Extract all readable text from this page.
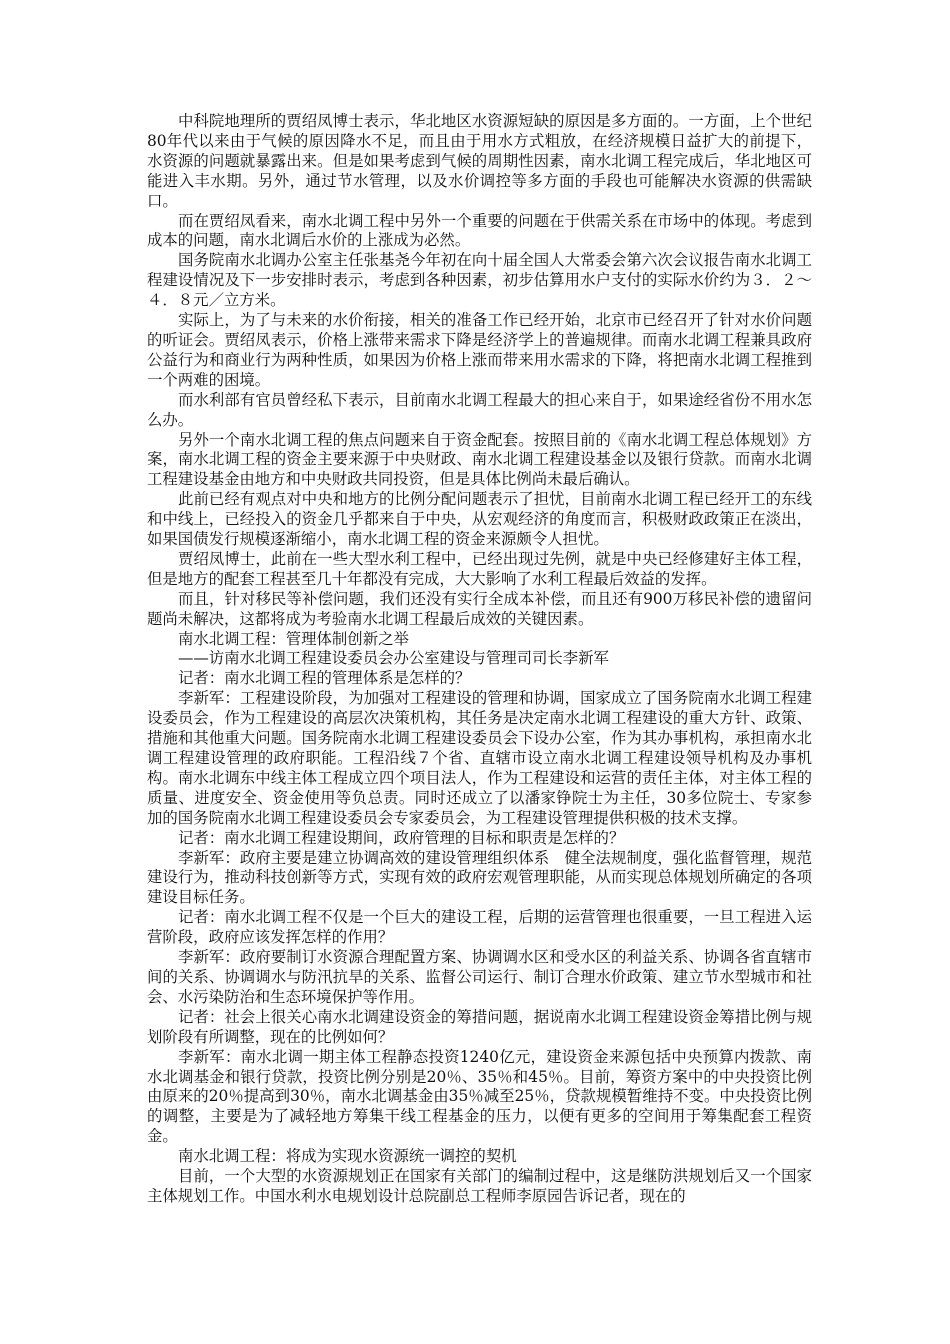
中科院地理所的贾绍凤博士表示，华北地区水资源短缺的原因是多方面的。一方面，上个世纪80年代以来由于气候的原因降水不足，而且由于用水方式粗放，在经济规模日益扩大的前提下，水资源的问题就暴露出来。但是如果考虑到气候的周期性因素，南水北调工程完成后，华北地区可能进入丰水期。另外，通过节水管理，以及水价调控等多方面的手段也可能解决水资源的供需缺口。

而在贾绍凤看来，南水北调工程中另外一个重要的问题在于供需关系在市场中的体现。考虑到成本的问题，南水北调后水价的上涨成为必然。

国务院南水北调办公室主任张基尧今年初在向十届全国人大常委会第六次会议报告南水北调工程建设情况及下一步安排时表示，考虑到各种因素，初步估算用水户支付的实际水价约为３．２～４．８元／立方米。

实际上，为了与未来的水价衔接，相关的准备工作已经开始，北京市已经召开了针对水价问题的听证会。贾绍凤表示，价格上涨带来需求下降是经济学上的普遍规律。而南水北调工程兼具政府公益行为和商业行为两种性质，如果因为价格上涨而带来用水需求的下降，将把南水北调工程推到一个两难的困境。

而水利部有官员曾经私下表示，目前南水北调工程最大的担心来自于，如果途经省份不用水怎么办。

另外一个南水北调工程的焦点问题来自于资金配套。按照目前的《南水北调工程总体规划》方案，南水北调工程的资金主要来源于中央财政、南水北调工程建设基金以及银行贷款。而南水北调工程建设基金由地方和中央财政共同投资，但是具体比例尚未最后确认。

此前已经有观点对中央和地方的比例分配问题表示了担忧，目前南水北调工程已经开工的东线和中线上，已经投入的资金几乎都来自于中央，从宏观经济的角度而言，积极财政政策正在淡出，如果国债发行规模逐渐缩小，南水北调工程的资金来源颇令人担忧。

贾绍凤博士，此前在一些大型水利工程中，已经出现过先例，就是中央已经修建好主体工程，但是地方的配套工程甚至几十年都没有完成，大大影响了水利工程最后效益的发挥。

而且，针对移民等补偿问题，我们还没有实行全成本补偿，而且还有900万移民补偿的遗留问题尚未解决，这都将成为考验南水北调工程最后成效的关键因素。

南水北调工程：管理体制创新之举

——访南水北调工程建设委员会办公室建设与管理司司长李新军

记者：南水北调工程的管理体系是怎样的？

李新军：工程建设阶段，为加强对工程建设的管理和协调，国家成立了国务院南水北调工程建设委员会，作为工程建设的高层次决策机构，其任务是决定南水北调工程建设的重大方针、政策、措施和其他重大问题。国务院南水北调工程建设委员会下设办公室，作为其办事机构，承担南水北调工程建设管理的政府职能。工程沿线７个省、直辖市设立南水北调工程建设领导机构及办事机构。南水北调东中线主体工程成立四个项目法人，作为工程建设和运营的责任主体，对主体工程的质量、进度安全、资金使用等负总责。同时还成立了以潘家铮院士为主任，30多位院士、专家参加的国务院南水北调工程建设委员会专家委员会，为工程建设管理提供积极的技术支撑。

记者：南水北调工程建设期间，政府管理的目标和职责是怎样的？

李新军：政府主要是建立协调高效的建设管理组织体系　健全法规制度，强化监督管理，规范建设行为，推动科技创新等方式，实现有效的政府宏观管理职能，从而实现总体规划所确定的各项建设目标任务。

记者：南水北调工程不仅是一个巨大的建设工程，后期的运营管理也很重要，一旦工程进入运营阶段，政府应该发挥怎样的作用？

李新军：政府要制订水资源合理配置方案、协调调水区和受水区的利益关系、协调各省直辖市间的关系、协调调水与防汛抗旱的关系、监督公司运行、制订合理水价政策、建立节水型城市和社会、水污染防治和生态环境保护等作用。

记者：社会上很关心南水北调建设资金的筹措问题，据说南水北调工程建设资金筹措比例与规划阶段有所调整，现在的比例如何？

李新军：南水北调一期主体工程静态投资1240亿元，建设资金来源包括中央预算内拨款、南水北调基金和银行贷款，投资比例分别是20％、35％和45％。目前，筹资方案中的中央投资比例由原来的20％提高到30％，南水北调基金由35％减至25％，贷款规模暂维持不变。中央投资比例的调整，主要是为了减轻地方筹集干线工程基金的压力，以便有更多的空间用于筹集配套工程资金。

南水北调工程：将成为实现水资源统一调控的契机

目前，一个大型的水资源规划正在国家有关部门的编制过程中，这是继防洪规划后又一个国家主体规划工作。中国水利水电规划设计总院副总工程师李原园告诉记者，现在的
